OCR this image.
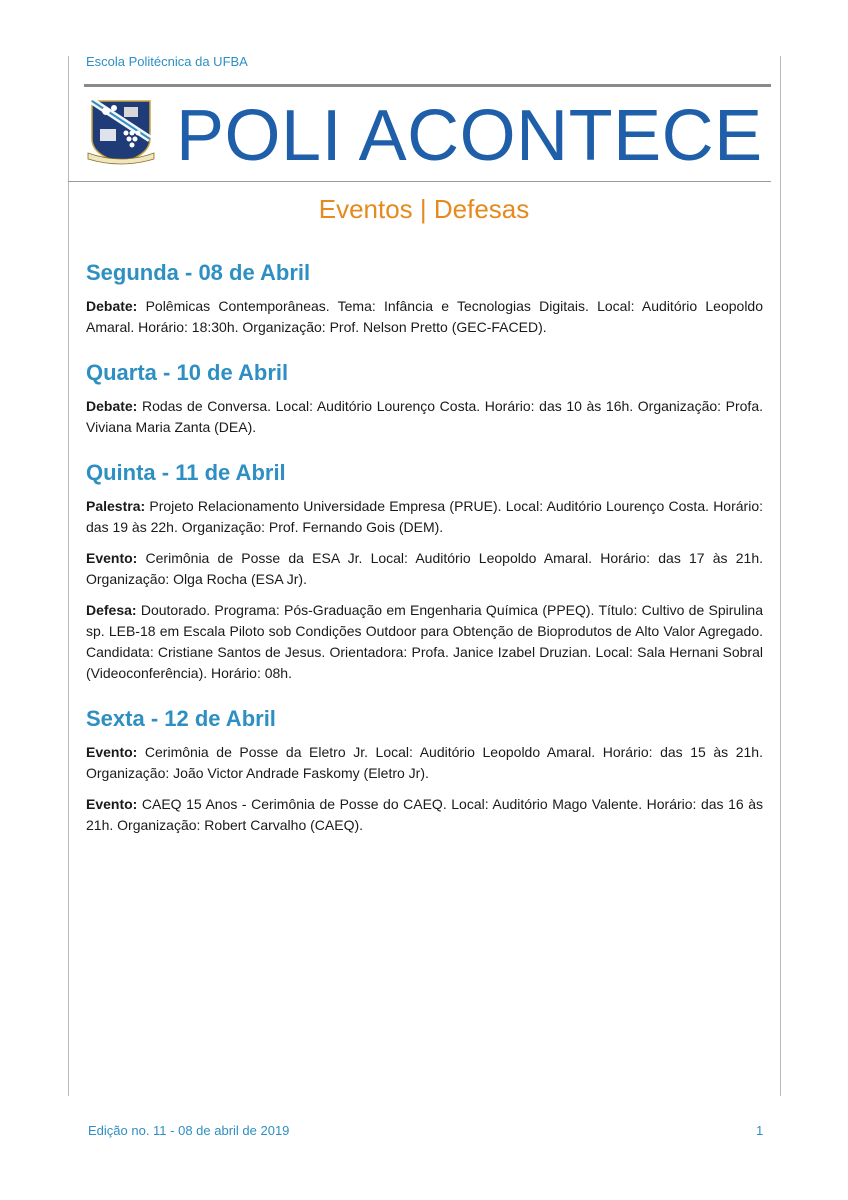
Escola Politécnica da UFBA
POLI ACONTECE
Eventos | Defesas
Segunda - 08 de Abril

Debate: Polêmicas Contemporâneas. Tema: Infância e Tecnologias Digitais. Local: Auditório Leopoldo Amaral. Horário: 18:30h. Organização: Prof. Nelson Pretto (GEC-FACED).

Quarta - 10 de Abril

Debate: Rodas de Conversa. Local: Auditório Lourenço Costa. Horário: das 10 às 16h. Organização: Profa. Viviana Maria Zanta (DEA).

Quinta - 11 de Abril

Palestra: Projeto Relacionamento Universidade Empresa (PRUE). Local: Auditório Lourenço Costa. Horário: das 19 às 22h. Organização: Prof. Fernando Gois (DEM).

Evento: Cerimônia de Posse da ESA Jr. Local: Auditório Leopoldo Amaral. Horário: das 17 às 21h. Organização: Olga Rocha (ESA Jr).

Defesa: Doutorado. Programa: Pós-Graduação em Engenharia Química (PPEQ). Título: Cultivo de Spirulina sp. LEB-18 em Escala Piloto sob Condições Outdoor para Obtenção de Bioprodutos de Alto Valor Agregado. Candidata: Cristiane Santos de Jesus. Orientadora: Profa. Janice Izabel Druzian. Local: Sala Hernani Sobral (Videoconferência). Horário: 08h.

Sexta - 12 de Abril

Evento: Cerimônia de Posse da Eletro Jr. Local: Auditório Leopoldo Amaral. Horário: das 15 às 21h. Organização: João Victor Andrade Faskomy (Eletro Jr).

Evento: CAEQ 15 Anos - Cerimônia de Posse do CAEQ. Local: Auditório Mago Valente. Horário: das 16 às 21h. Organização: Robert Carvalho (CAEQ).

Edição no. 11 - 08 de abril de 2019	1
